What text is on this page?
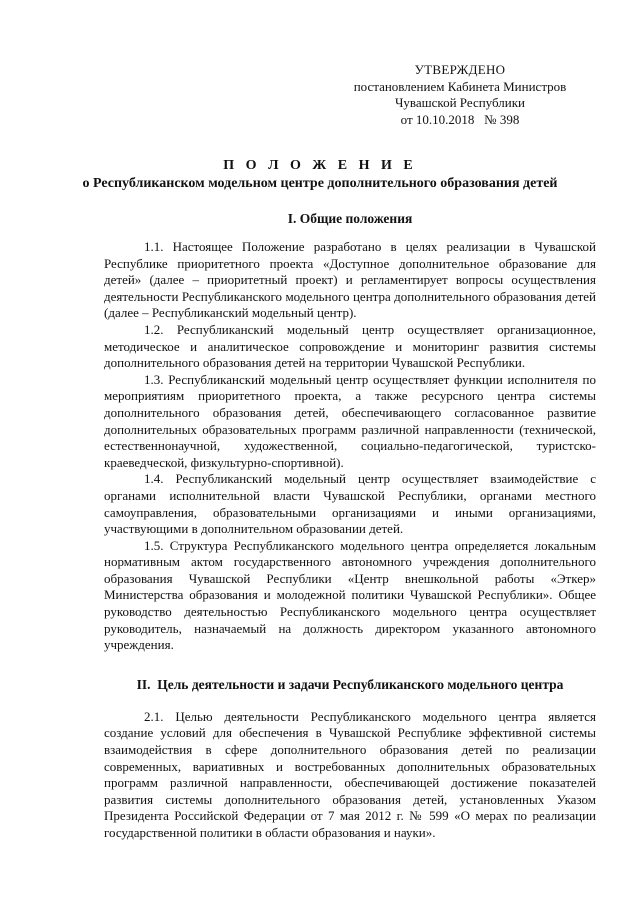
УТВЕРЖДЕНО
постановлением Кабинета Министров
Чувашской Республики
от 10.10.2018   № 398
П О Л О Ж Е Н И Е
о Республиканском модельном центре дополнительного образования детей
I. Общие положения

1.1. Настоящее Положение разработано в целях реализации в Чувашской Республике приоритетного проекта «Доступное дополнительное образование для детей» (далее – приоритетный проект) и регламентирует вопросы осуществления деятельности Республиканского модельного центра дополнительного образования детей (далее – Республиканский модельный центр).

1.2. Республиканский модельный центр осуществляет организационное, методическое и аналитическое сопровождение и мониторинг развития системы дополнительного образования детей на территории Чувашской Республики.

1.3. Республиканский модельный центр осуществляет функции исполнителя по мероприятиям приоритетного проекта, а также ресурсного центра системы дополнительного образования детей, обеспечивающего согласованное развитие дополнительных образовательных программ различной направленности (технической, естественнонаучной, художественной, социально-педагогической, туристско-краеведческой, физкультурно-спортивной).

1.4. Республиканский модельный центр осуществляет взаимодействие с органами исполнительной власти Чувашской Республики, органами местного самоуправления, образовательными организациями и иными организациями, участвующими в дополнительном образовании детей.

1.5. Структура Республиканского модельного центра определяется локальным нормативным актом государственного автономного учреждения дополнительного образования Чувашской Республики «Центр внешкольной работы «Эткер» Министерства образования и молодежной политики Чувашской Республики». Общее руководство деятельностью Республиканского модельного центра осуществляет руководитель, назначаемый на должность директором указанного автономного учреждения.

II.  Цель деятельности и задачи Республиканского модельного центра

2.1. Целью деятельности Республиканского модельного центра является создание условий для обеспечения в Чувашской Республике эффективной системы взаимодействия в сфере дополнительного образования детей по реализации современных, вариативных и востребованных дополнительных образовательных программ различной направленности, обеспечивающей достижение показателей развития системы дополнительного образования детей, установленных Указом Президента Российской Федерации от 7 мая 2012 г. № 599 «О мерах по реализации государственной политики в области образования и науки».
